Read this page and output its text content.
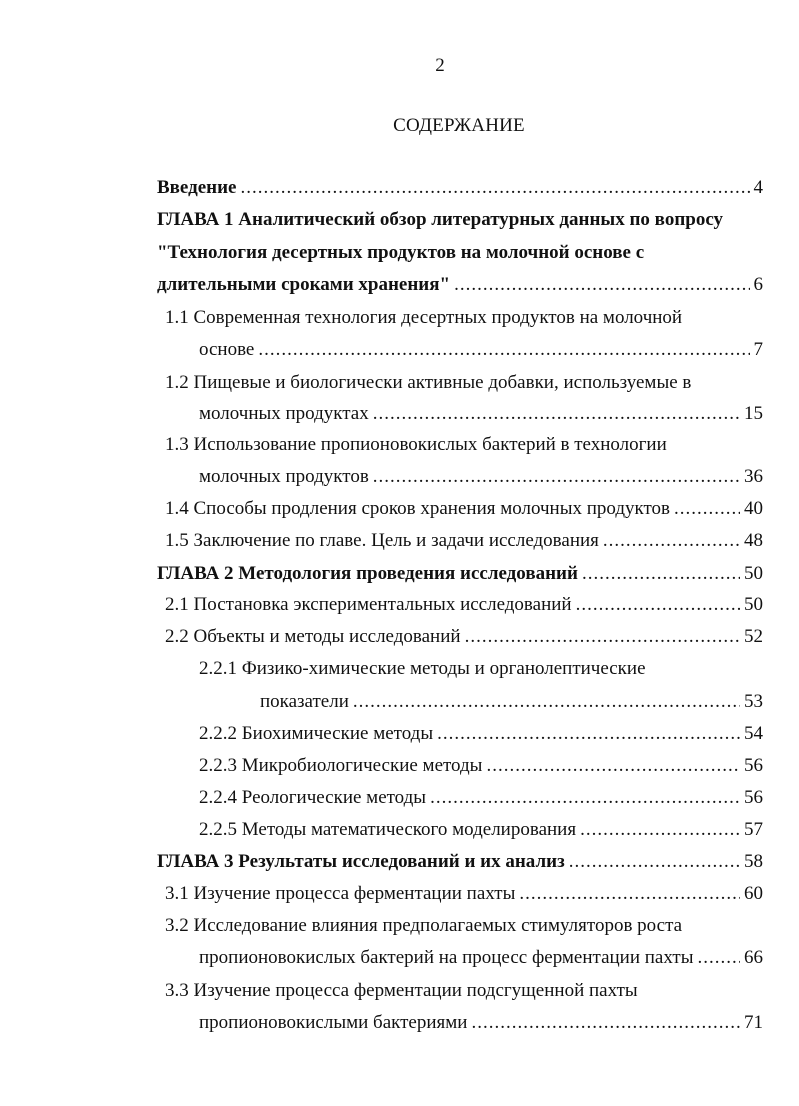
2
СОДЕРЖАНИЕ
Введение .....	4
ГЛАВА 1 Аналитический обзор литературных данных по вопросу
"Технология десертных продуктов на молочной основе с
длительными сроками хранения" .....	6
1.1 Современная технология десертных продуктов на молочной
основе .....	7
1.2 Пищевые и биологически активные добавки, используемые в
молочных продуктах .....	15
1.3 Использование пропионовокислых бактерий в технологии
молочных продуктов .....	36
1.4 Способы продления сроков хранения молочных продуктов .....	40
1.5 Заключение по главе. Цель и задачи исследования .....	48
ГЛАВА 2 Методология проведения исследований .....	50
2.1 Постановка экспериментальных исследований .....	50
2.2 Объекты и методы исследований .....	52
2.2.1 Физико-химические методы и органолептические
показатели .....	53
2.2.2 Биохимические методы .....	54
2.2.3 Микробиологические методы .....	56
2.2.4 Реологические методы .....	56
2.2.5 Методы математического моделирования .....	57
ГЛАВА 3 Результаты исследований и их анализ .....	58
3.1 Изучение процесса ферментации пахты .....	60
3.2 Исследование влияния предполагаемых стимуляторов роста
пропионовокислых бактерий на процесс ферментации пахты .....	66
3.3 Изучение процесса ферментации подсгущенной пахты
пропионовокислыми бактериями .....	71
